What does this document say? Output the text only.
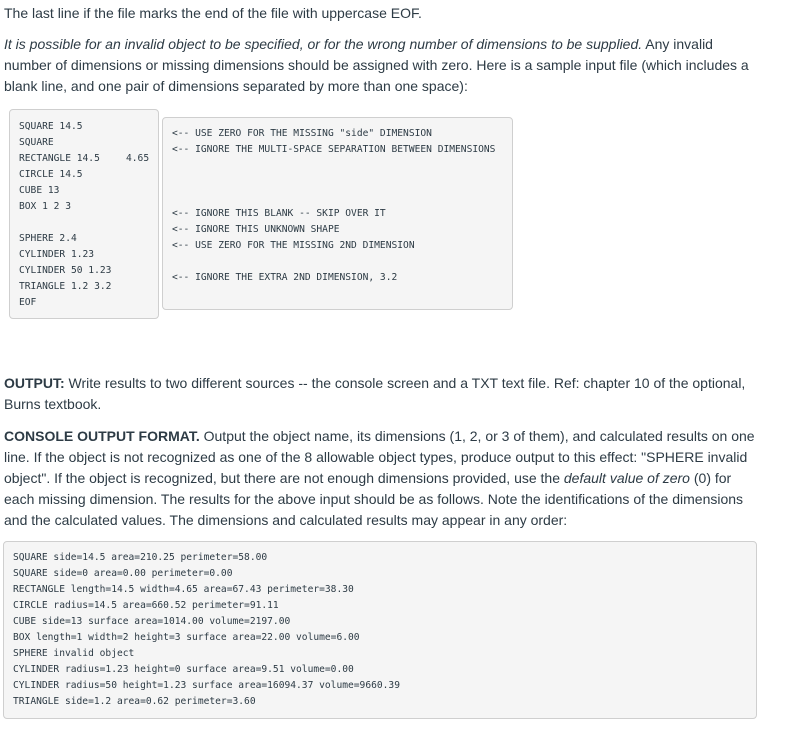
The last line if the file marks the end of the file with uppercase EOF.

It is possible for an invalid object to be specified, or for the wrong number of dimensions to be supplied. Any invalid number of dimensions or missing dimensions should be assigned with zero. Here is a sample input file (which includes a blank line, and one pair of dimensions separated by more than one space):

SQUARE 14.5
SQUARE
RECTANGLE 14.5	4.65
CIRCLE 14.5
CUBE 13
BOX 1 2 3
SPHERE 2.4
CYLINDER 1.23
CYLINDER 50 1.23
TRIANGLE 1.2 3.2
EOF
<-- USE ZERO FOR THE MISSING "side" DIMENSION
<-- IGNORE THE MULTI-SPACE SEPARATION BETWEEN DIMENSIONS
<-- IGNORE THIS BLANK -- SKIP OVER IT
<-- IGNORE THIS UNKNOWN SHAPE
<-- USE ZERO FOR THE MISSING 2ND DIMENSION
<-- IGNORE THE EXTRA 2ND DIMENSION, 3.2

OUTPUT: Write results to two different sources -- the console screen and a TXT text file. Ref: chapter 10 of the optional, Burns textbook.

CONSOLE OUTPUT FORMAT. Output the object name, its dimensions (1, 2, or 3 of them), and calculated results on one line. If the object is not recognized as one of the 8 allowable object types, produce output to this effect: "SPHERE invalid object". If the object is recognized, but there are not enough dimensions provided, use the default value of zero (0) for each missing dimension. The results for the above input should be as follows. Note the identifications of the dimensions and the calculated values. The dimensions and calculated results may appear in any order:

SQUARE side=14.5 area=210.25 perimeter=58.00
SQUARE side=0 area=0.00 perimeter=0.00
RECTANGLE length=14.5 width=4.65 area=67.43 perimeter=38.30
CIRCLE radius=14.5 area=660.52 perimeter=91.11
CUBE side=13 surface area=1014.00 volume=2197.00
BOX length=1 width=2 height=3 surface area=22.00 volume=6.00
SPHERE invalid object
CYLINDER radius=1.23 height=0 surface area=9.51 volume=0.00
CYLINDER radius=50 height=1.23 surface area=16094.37 volume=9660.39
TRIANGLE side=1.2 area=0.62 perimeter=3.60
